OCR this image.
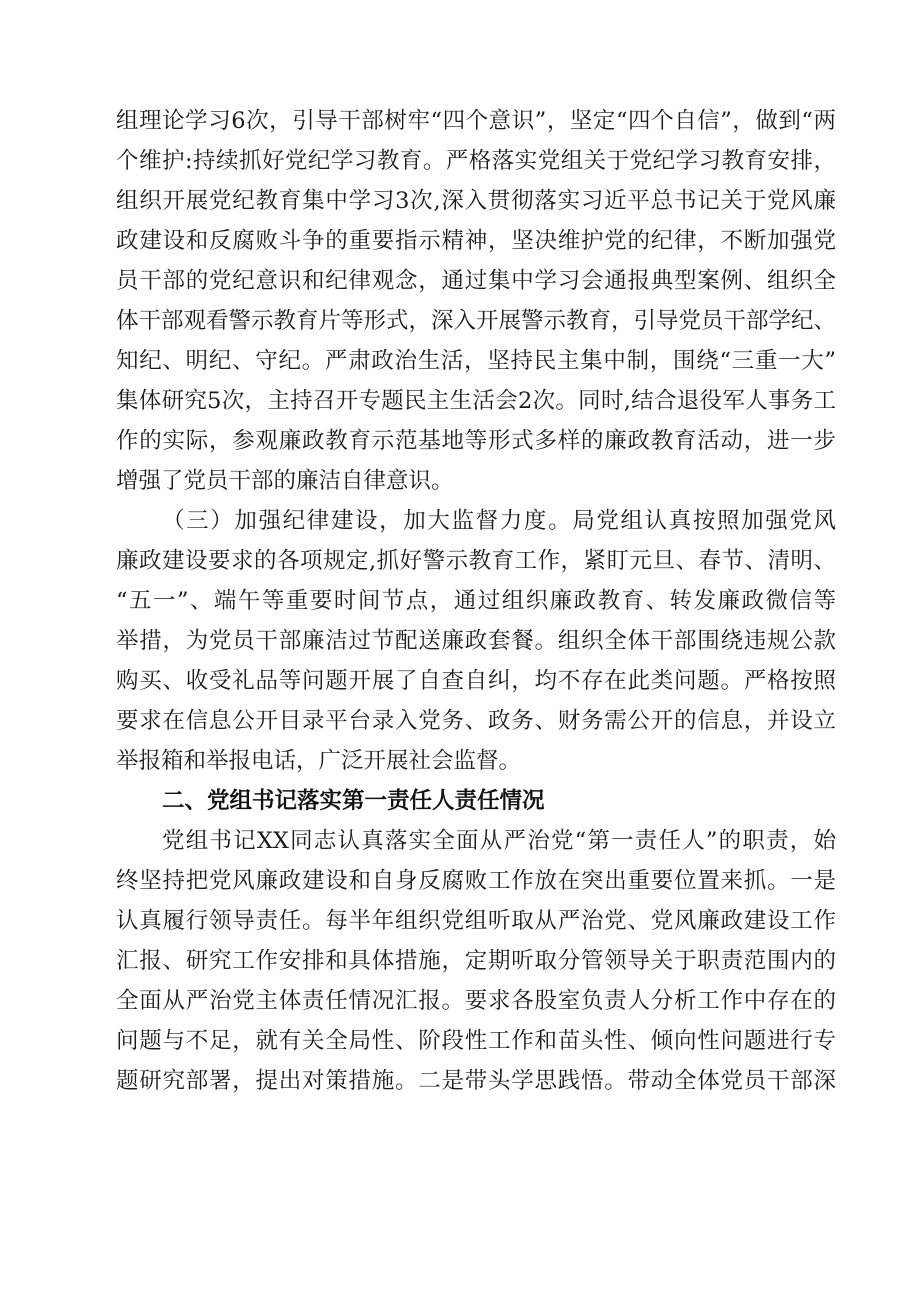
组理论学习6次，引导干部树牢“四个意识”，坚定“四个自信”，做到“两
个维护:持续抓好党纪学习教育。严格落实党组关于党纪学习教育安排，
组织开展党纪教育集中学习3次,深入贯彻落实习近平总书记关于党风廉
政建设和反腐败斗争的重要指示精神，坚决维护党的纪律，不断加强党
员干部的党纪意识和纪律观念，通过集中学习会通报典型案例、组织全
体干部观看警示教育片等形式，深入开展警示教育，引导党员干部学纪、
知纪、明纪、守纪。严肃政治生活，坚持民主集中制，围绕“三重一大”
集体研究5次，主持召开专题民主生活会2次。同时,结合退役军人事务工
作的实际，参观廉政教育示范基地等形式多样的廉政教育活动，进一步
增强了党员干部的廉洁自律意识。
（三）加强纪律建设，加大监督力度。局党组认真按照加强党风
廉政建设要求的各项规定,抓好警示教育工作，紧盯元旦、春节、清明、
“五一”、端午等重要时间节点，通过组织廉政教育、转发廉政微信等
举措，为党员干部廉洁过节配送廉政套餐。组织全体干部围绕违规公款
购买、收受礼品等问题开展了自查自纠，均不存在此类问题。严格按照
要求在信息公开目录平台录入党务、政务、财务需公开的信息，并设立
举报箱和举报电话，广泛开展社会监督。
二、党组书记落实第一责任人责任情况
党组书记XX同志认真落实全面从严治党“第一责任人”的职责，始
终坚持把党风廉政建设和自身反腐败工作放在突出重要位置来抓。一是
认真履行领导责任。每半年组织党组听取从严治党、党风廉政建设工作
汇报、研究工作安排和具体措施，定期听取分管领导关于职责范围内的
全面从严治党主体责任情况汇报。要求各股室负责人分析工作中存在的
问题与不足，就有关全局性、阶段性工作和苗头性、倾向性问题进行专
题研究部署，提出对策措施。二是带头学思践悟。带动全体党员干部深
